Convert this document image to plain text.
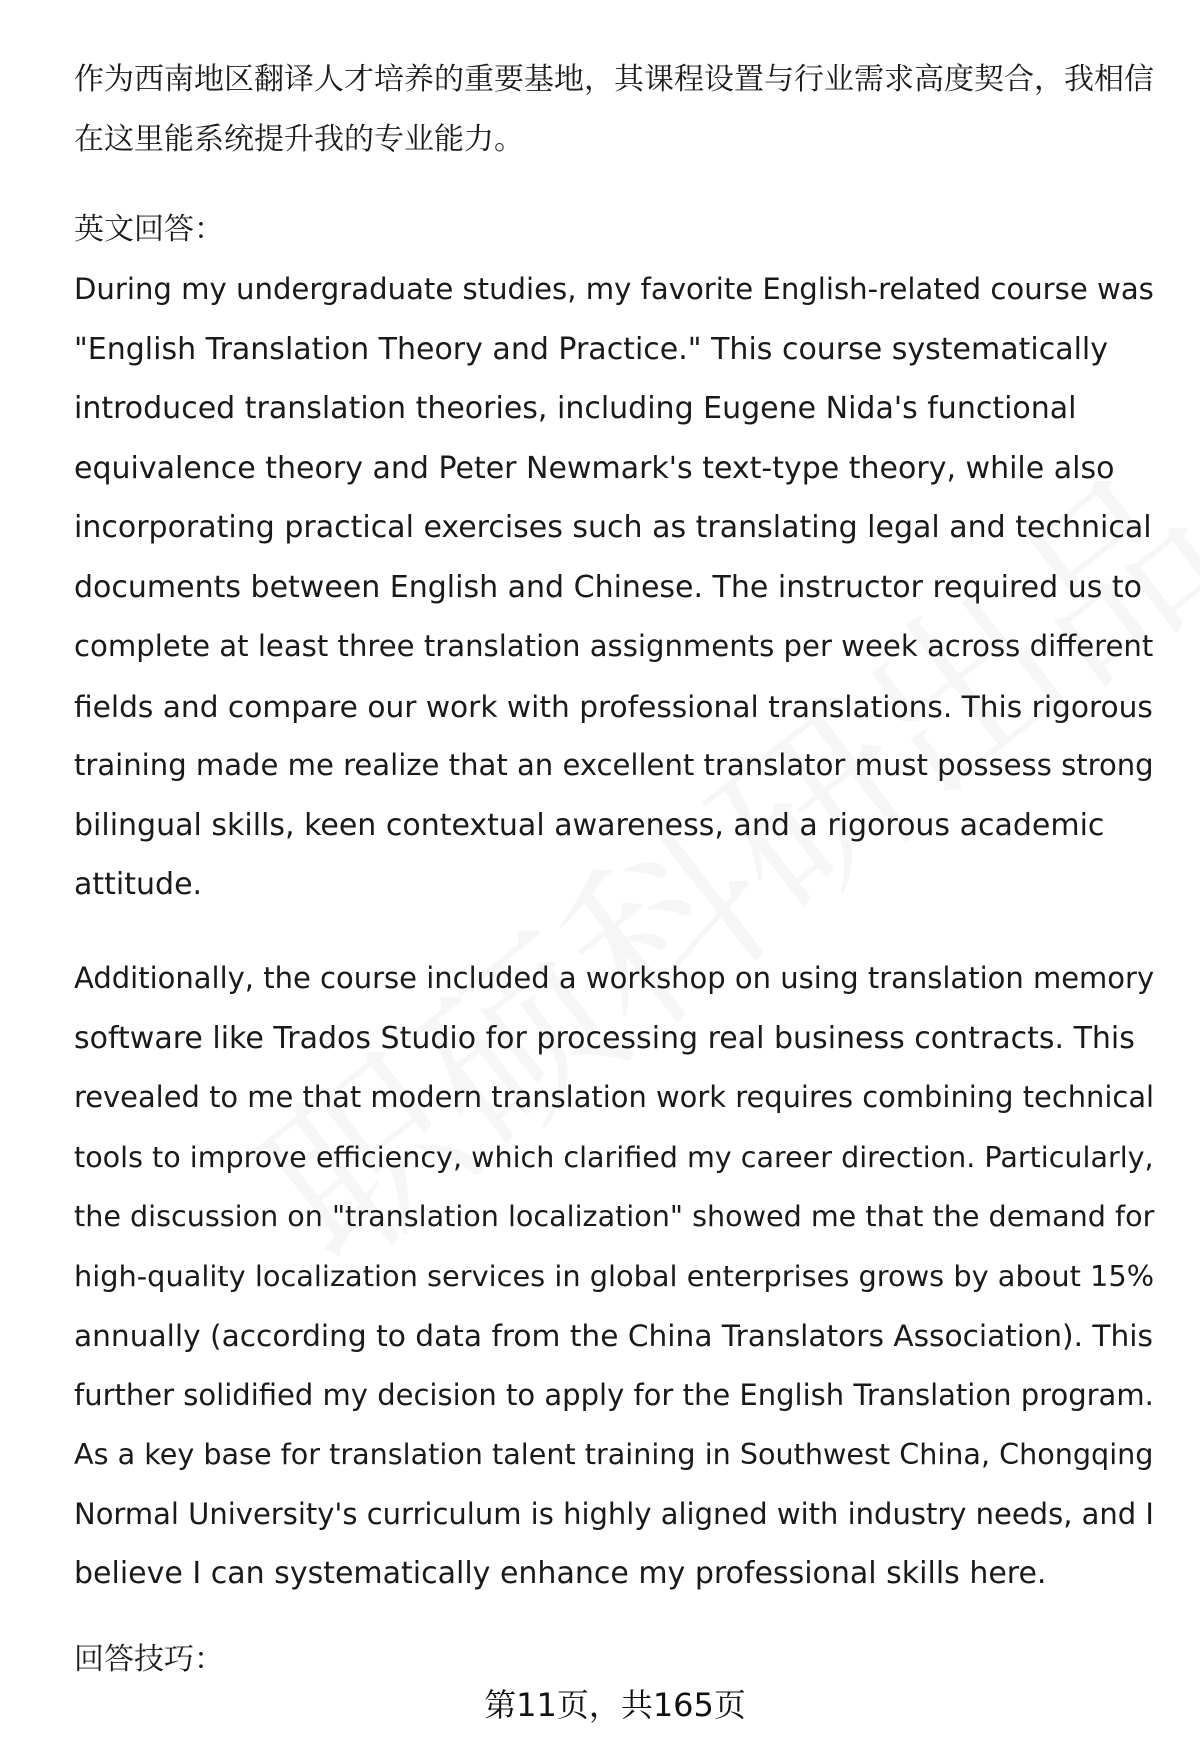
作为西南地区翻译人才培养的重要基地，其课程设置与行业需求高度契合，我相信
在这里能系统提升我的专业能力。

英文回答：

During my undergraduate studies, my favorite English-related course was
"English Translation Theory and Practice." This course systematically
introduced translation theories, including Eugene Nida's functional
equivalence theory and Peter Newmark's text-type theory, while also
incorporating practical exercises such as translating legal and technical
documents between English and Chinese. The instructor required us to
complete at least three translation assignments per week across different
fields and compare our work with professional translations. This rigorous
training made me realize that an excellent translator must possess strong
bilingual skills, keen contextual awareness, and a rigorous academic
attitude.

Additionally, the course included a workshop on using translation memory
software like Trados Studio for processing real business contracts. This
revealed to me that modern translation work requires combining technical
tools to improve efficiency, which clarified my career direction. Particularly,
the discussion on "translation localization" showed me that the demand for
high-quality localization services in global enterprises grows by about 15%
annually (according to data from the China Translators Association). This
further solidified my decision to apply for the English Translation program.
As a key base for translation talent training in Southwest China, Chongqing
Normal University's curriculum is highly aligned with industry needs, and I
believe I can systematically enhance my professional skills here.

回答技巧：

第11页，共165页
